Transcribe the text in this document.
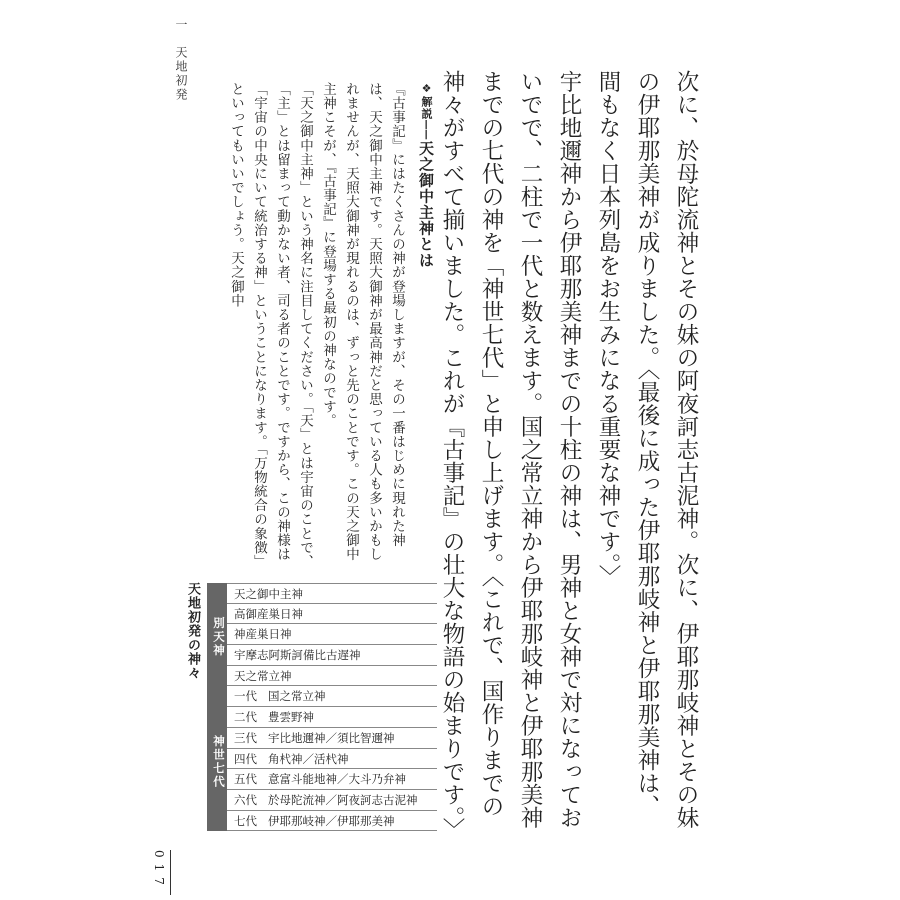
一　天地初発

次に、於母陀流神とその妹の阿夜訶志古泥神。次に、伊耶那岐神とその妹の伊耶那美神が成りました。〈最後に成った伊耶那岐神と伊耶那美神は、間もなく日本列島をお生みになる重要な神です。〉

宇比地邇神から伊耶那美神までの十柱の神は、男神と女神で対になっておいでで、二柱で一代と数えます。国之常立神から伊耶那岐神と伊耶那美神までの七代の神を「神世七代」と申し上げます。〈これで、国作りまでの神々がすべて揃いました。これが『古事記』の壮大な物語の始まりです。〉

❖解説──天之御中主神とは

『古事記』にはたくさんの神が登場しますが、その一番はじめに現れた神は、天之御中主神です。天照大御神が最高神だと思っている人も多いかもしれませんが、天照大御神が現れるのは、ずっと先のことです。この天之御中主神こそが、『古事記』に登場する最初の神なのです。

「天之御中主神」という神名に注目してください。「天」とは宇宙のことで、「主」とは留まって動かない者、司る者のことです。ですから、この神様は「宇宙の中央にいて統治する神」ということになります。「万物統合の象徴」といってもいいでしょう。天之御中

天地初発の神々	別天神
天之御中主神
高御産巣日神
神産巣日神
宇摩志阿斯訶備比古遅神
天之常立神
神世七代
一代 国之常立神
二代 豊雲野神
三代 宇比地邇神／須比智邇神
四代 角杙神／活杙神
五代 意富斗能地神／大斗乃弁神
六代 於母陀流神／阿夜訶志古泥神
七代 伊耶那岐神／伊耶那美神
017
